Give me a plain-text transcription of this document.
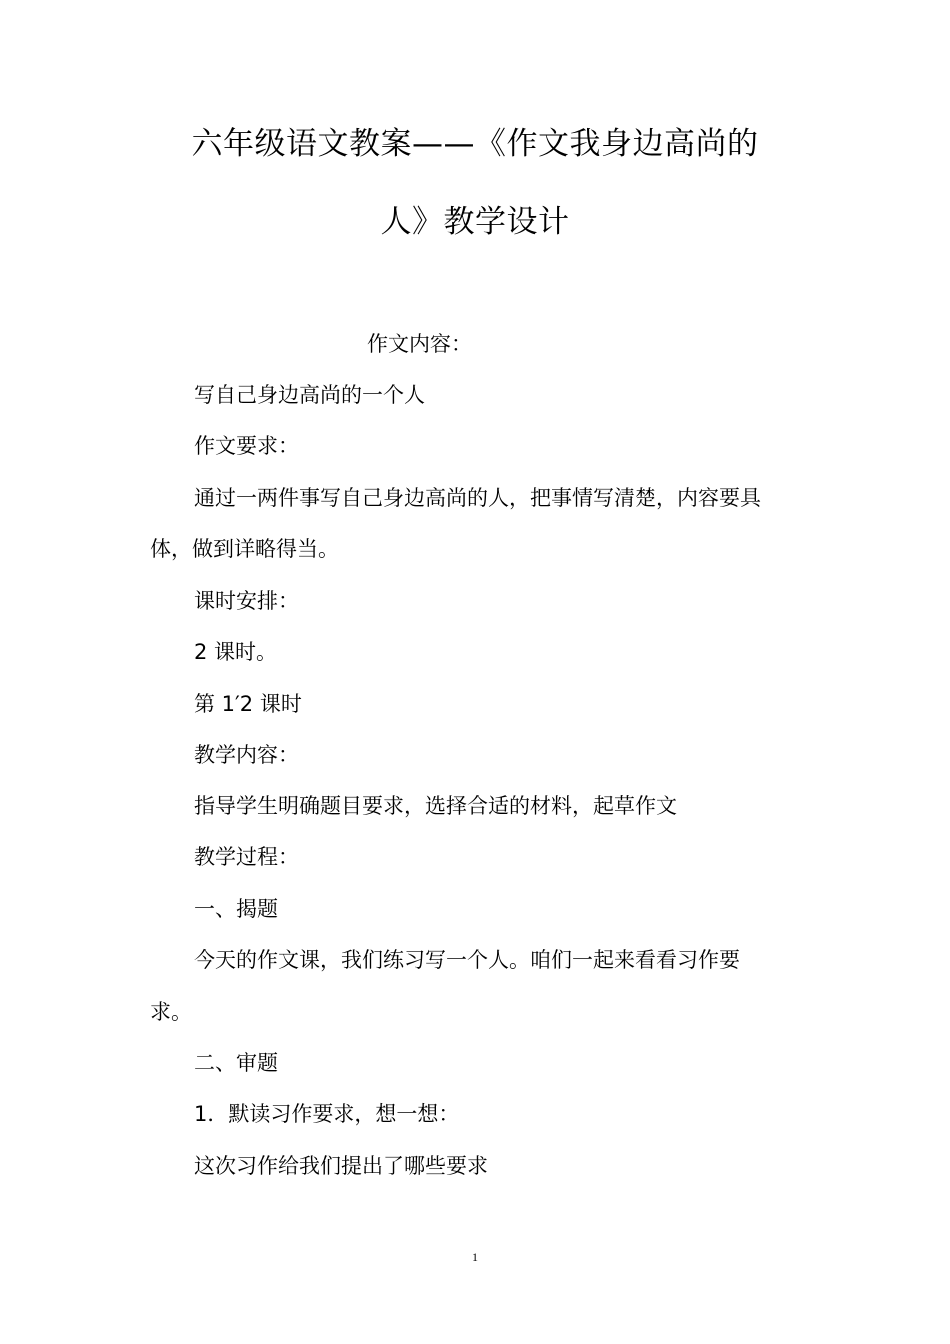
六年级语文教案——《作文我身边高尚的
人》教学设计
作文内容：
写自己身边高尚的一个人
作文要求：
通过一两件事写自己身边高尚的人，把事情写清楚，内容要具
体，做到详略得当。
课时安排：
2 课时。
第 1′2 课时
教学内容：
指导学生明确题目要求，选择合适的材料，起草作文
教学过程：
一、揭题
今天的作文课，我们练习写一个人。咱们一起来看看习作要
求。
二、审题
1．默读习作要求，想一想：
这次习作给我们提出了哪些要求
1
